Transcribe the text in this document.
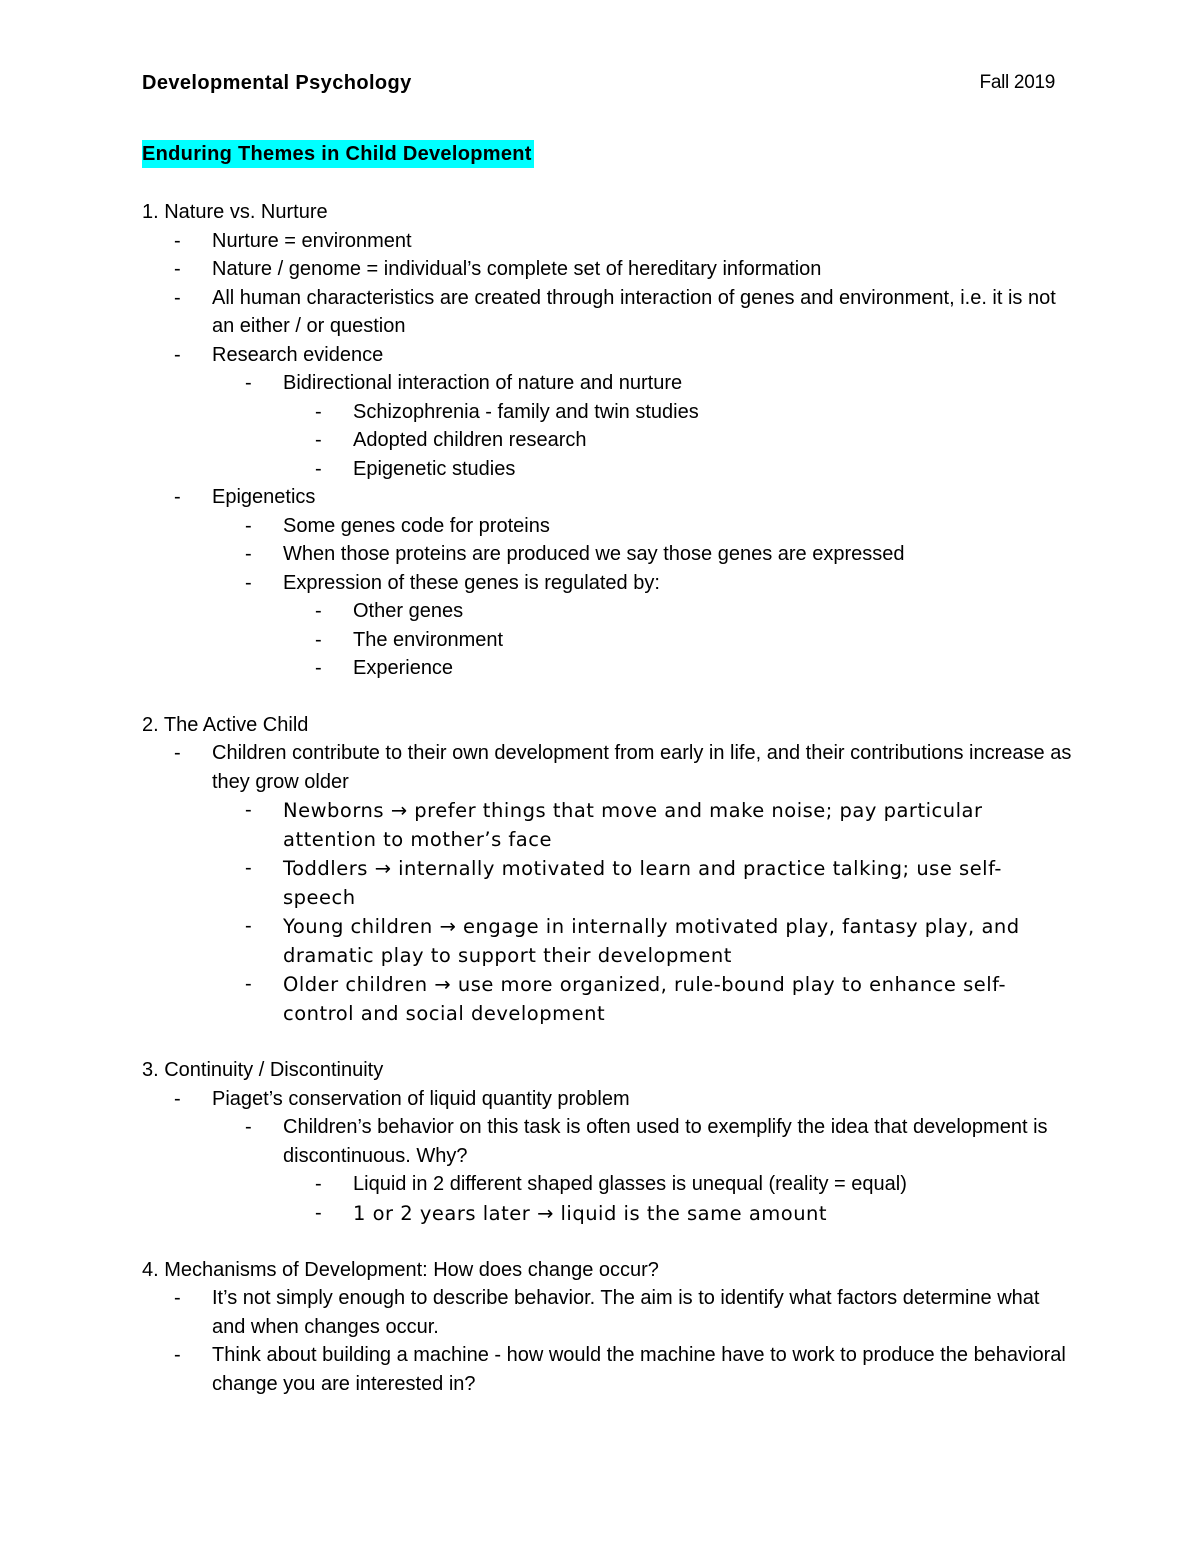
Developmental Psychology	Fall 2019
Enduring Themes in Child Development
1. Nature vs. Nurture
- Nurture = environment
- Nature / genome = individual’s complete set of hereditary information
- All human characteristics are created through interaction of genes and environment, i.e. it is not an either / or question
- Research evidence
- Bidirectional interaction of nature and nurture
- Schizophrenia - family and twin studies
- Adopted children research
- Epigenetic studies
- Epigenetics
- Some genes code for proteins
- When those proteins are produced we say those genes are expressed
- Expression of these genes is regulated by:
- Other genes
- The environment
- Experience
2. The Active Child
- Children contribute to their own development from early in life, and their contributions increase as they grow older
- Newborns → prefer things that move and make noise; pay particular attention to mother’s face
- Toddlers → internally motivated to learn and practice talking; use self-speech
- Young children → engage in internally motivated play, fantasy play, and dramatic play to support their development
- Older children → use more organized, rule-bound play to enhance self-control and social development
3. Continuity / Discontinuity
- Piaget’s conservation of liquid quantity problem
- Children’s behavior on this task is often used to exemplify the idea that development is discontinuous. Why?
- Liquid in 2 different shaped glasses is unequal (reality = equal)
- 1 or 2 years later → liquid is the same amount
4. Mechanisms of Development: How does change occur?
- It’s not simply enough to describe behavior. The aim is to identify what factors determine what and when changes occur.
- Think about building a machine - how would the machine have to work to produce the behavioral change you are interested in?
